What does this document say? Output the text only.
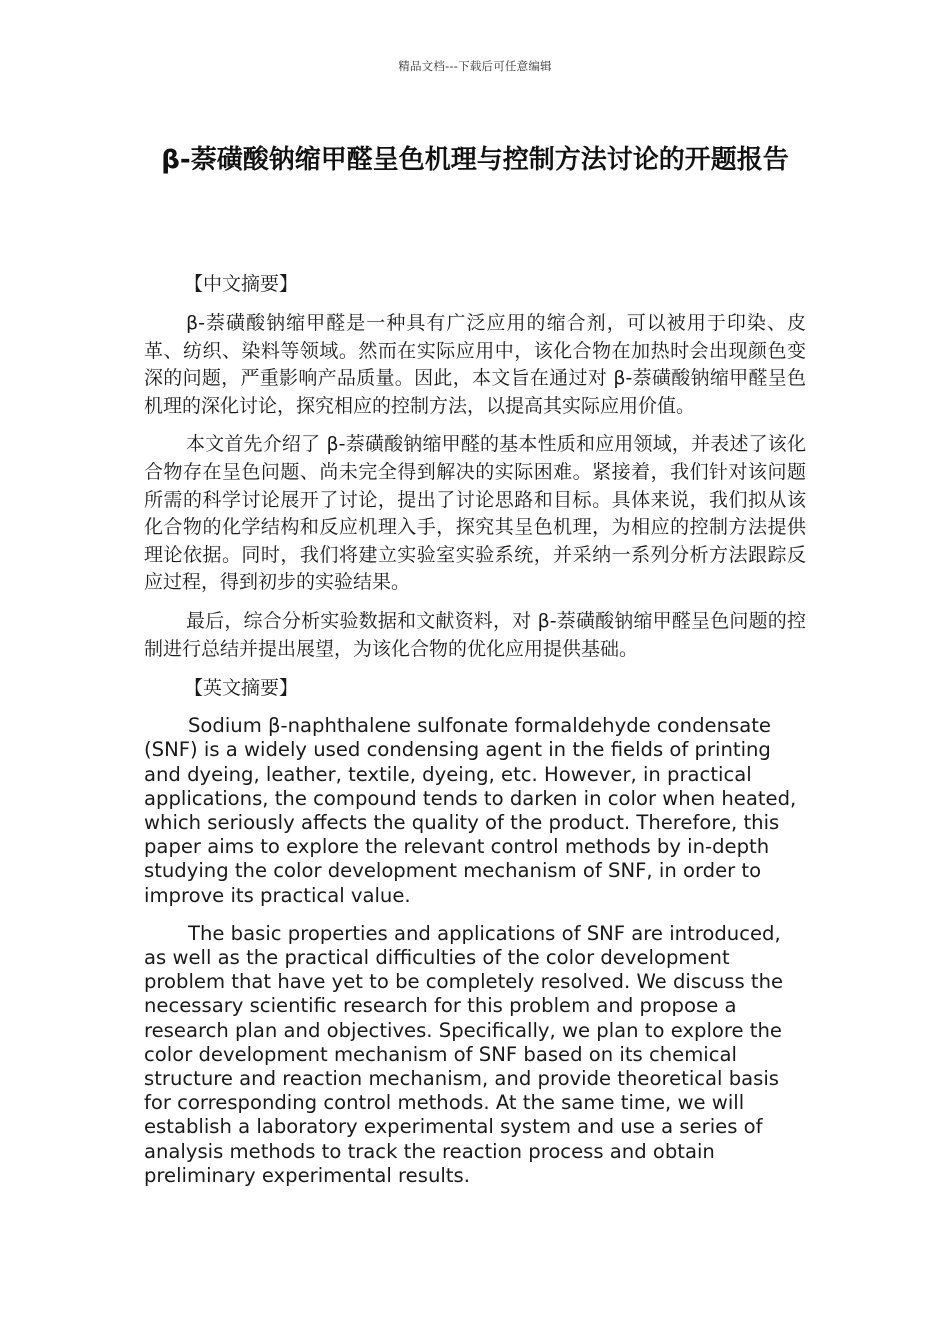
精品文档---下载后可任意编辑
β-萘磺酸钠缩甲醛呈色机理与控制方法讨论的开题报告
【中文摘要】

β-萘磺酸钠缩甲醛是一种具有广泛应用的缩合剂，可以被用于印染、皮革、纺织、染料等领域。然而在实际应用中，该化合物在加热时会出现颜色变深的问题，严重影响产品质量。因此，本文旨在通过对 β-萘磺酸钠缩甲醛呈色机理的深化讨论，探究相应的控制方法，以提高其实际应用价值。

本文首先介绍了 β-萘磺酸钠缩甲醛的基本性质和应用领域，并表述了该化合物存在呈色问题、尚未完全得到解决的实际困难。紧接着，我们针对该问题所需的科学讨论展开了讨论，提出了讨论思路和目标。具体来说，我们拟从该化合物的化学结构和反应机理入手，探究其呈色机理，为相应的控制方法提供理论依据。同时，我们将建立实验室实验系统，并采纳一系列分析方法跟踪反应过程，得到初步的实验结果。

最后，综合分析实验数据和文献资料，对 β-萘磺酸钠缩甲醛呈色问题的控制进行总结并提出展望，为该化合物的优化应用提供基础。

【英文摘要】

Sodium β-naphthalene sulfonate formaldehyde condensate (SNF) is a widely used condensing agent in the fields of printing and dyeing, leather, textile, dyeing, etc. However, in practical applications, the compound tends to darken in color when heated, which seriously affects the quality of the product. Therefore, this paper aims to explore the relevant control methods by in-depth studying the color development mechanism of SNF, in order to improve its practical value.

The basic properties and applications of SNF are introduced, as well as the practical difficulties of the color development problem that have yet to be completely resolved. We discuss the necessary scientific research for this problem and propose a research plan and objectives. Specifically, we plan to explore the color development mechanism of SNF based on its chemical structure and reaction mechanism, and provide theoretical basis for corresponding control methods. At the same time, we will establish a laboratory experimental system and use a series of analysis methods to track the reaction process and obtain preliminary experimental results.
